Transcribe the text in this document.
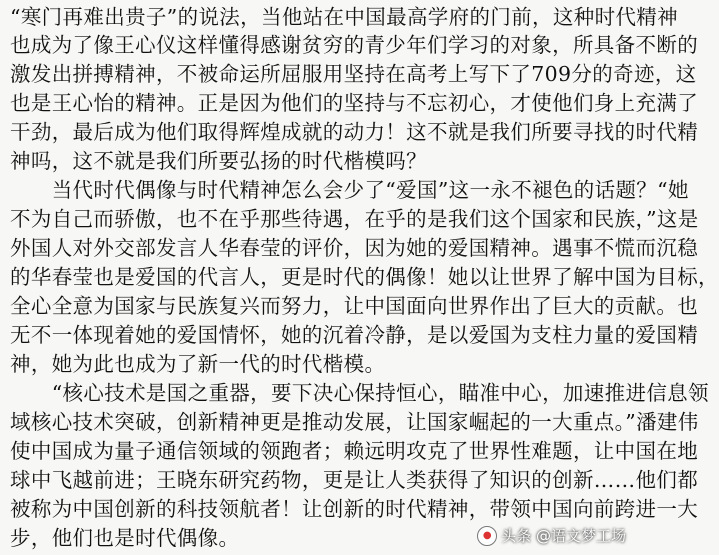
“寒门再难出贵子”的说法，当他站在中国最高学府的门前，这种时代精神
也成为了像王心仪这样懂得感谢贫穷的青少年们学习的对象，所具备不断的
激发出拼搏精神，不被命运所屈服用坚持在高考上写下了709分的奇迹，这
也是王心怡的精神。正是因为他们的坚持与不忘初心，才使他们身上充满了
干劲，最后成为他们取得辉煌成就的动力！这不就是我们所要寻找的时代精
神吗，这不就是我们所要弘扬的时代楷模吗？
　　当代时代偶像与时代精神怎么会少了“爱国”这一永不褪色的话题？“她
不为自己而骄傲，也不在乎那些待遇，在乎的是我们这个国家和民族，”这是
外国人对外交部发言人华春莹的评价，因为她的爱国精神。遇事不慌而沉稳
的华春莹也是爱国的代言人，更是时代的偶像！她以让世界了解中国为目标，
全心全意为国家与民族复兴而努力，让中国面向世界作出了巨大的贡献。也
无不一体现着她的爱国情怀，她的沉着冷静，是以爱国为支柱力量的爱国精
神，她为此也成为了新一代的时代楷模。
　　“核心技术是国之重器，要下决心保持恒心，瞄准中心，加速推进信息领
域核心技术突破，创新精神更是推动发展，让国家崛起的一大重点。”潘建伟
使中国成为量子通信领域的领跑者；赖远明攻克了世界性难题，让中国在地
球中飞越前进；王晓东研究药物，更是让人类获得了知识的创新……他们都
被称为中国创新的科技领航者！让创新的时代精神，带领中国向前跨进一大
步，他们也是时代偶像。	● 头条 @语文梦工场
